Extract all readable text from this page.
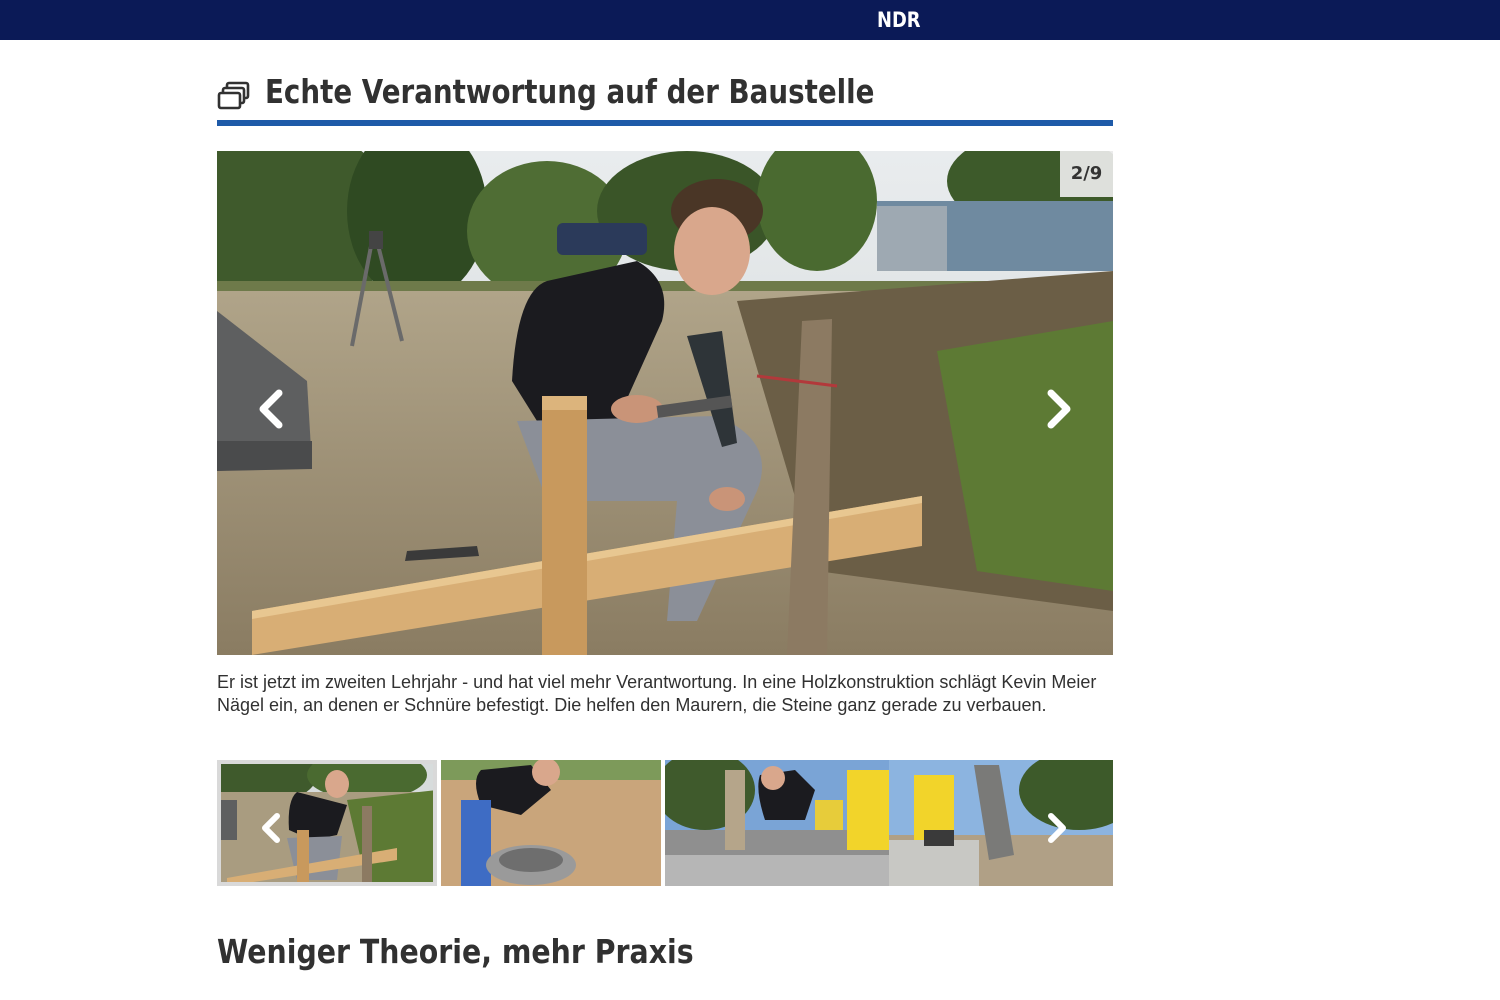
NDR
Echte Verantwortung auf der Baustelle
2/9

Er ist jetzt im zweiten Lehrjahr - und hat viel mehr Verantwortung. In eine Holzkonstruktion schlägt Kevin Meier Nägel ein, an denen er Schnüre befestigt. Die helfen den Maurern, die Steine ganz gerade zu verbauen.

Weniger Theorie, mehr Praxis
